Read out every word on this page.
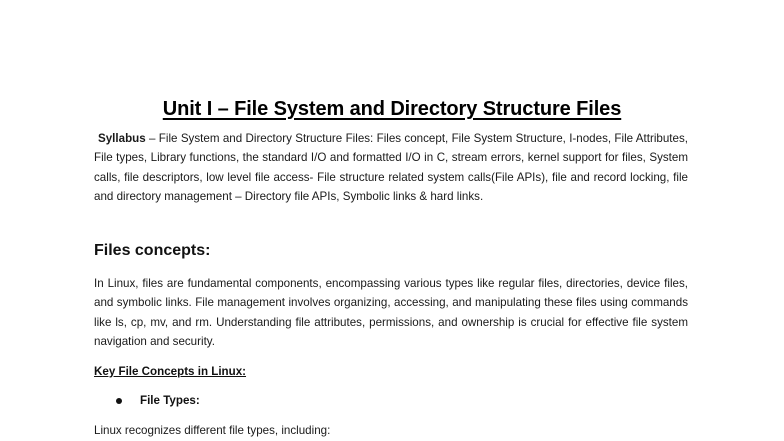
Unit I – File System and Directory Structure Files

Syllabus – File System and Directory Structure Files: Files concept, File System Structure, I-nodes, File Attributes, File types, Library functions, the standard I/O and formatted I/O in C, stream errors, kernel support for files, System calls, file descriptors, low level file access- File structure related system calls(File APIs), file and record locking, file and directory management – Directory file APIs, Symbolic links & hard links.

Files concepts:

In Linux, files are fundamental components, encompassing various types like regular files, directories, device files, and symbolic links. File management involves organizing, accessing, and manipulating these files using commands like ls, cp, mv, and rm. Understanding file attributes, permissions, and ownership is crucial for effective file system navigation and security.

Key File Concepts in Linux:

File Types:

Linux recognizes different file types, including:
